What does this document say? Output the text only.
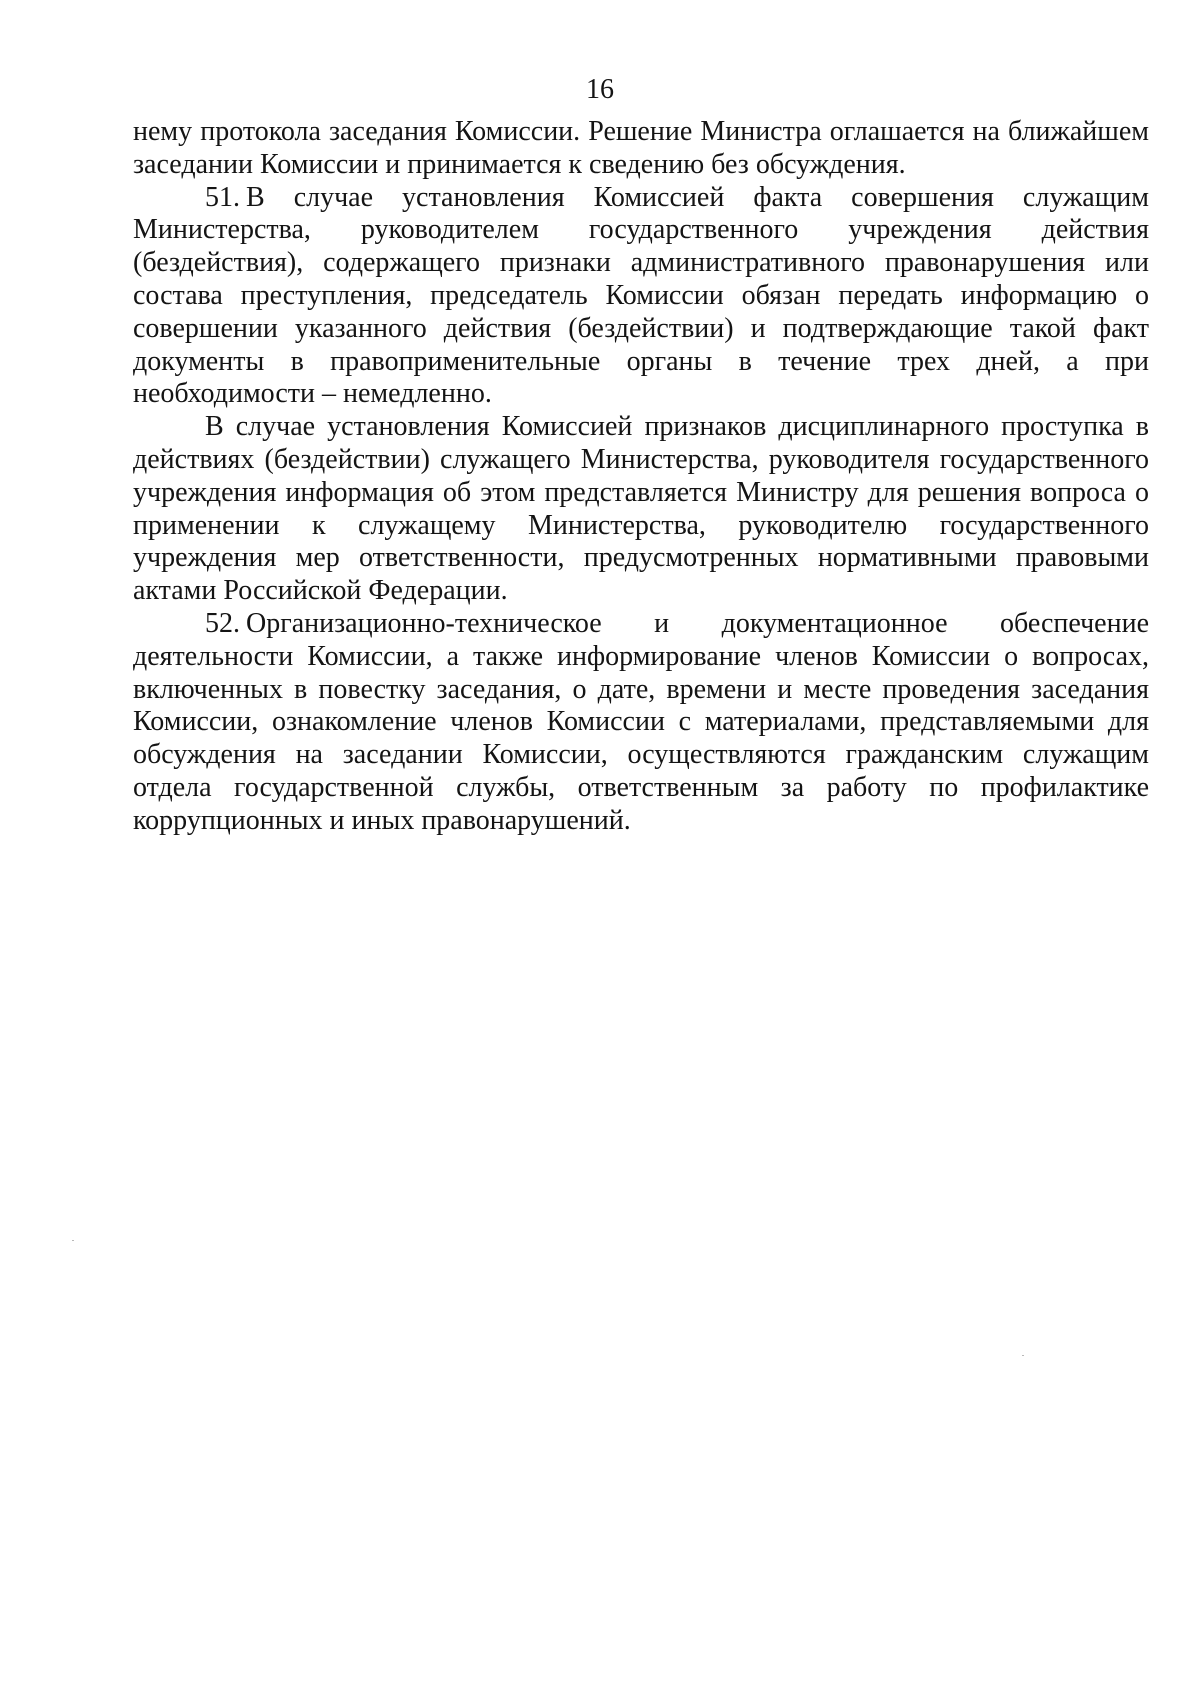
16

нему протокола заседания Комиссии. Решение Министра оглашается на ближайшем заседании Комиссии и принимается к сведению без обсуждения.

51. В случае установления Комиссией факта совершения служащим Министерства, руководителем государственного учреждения действия (бездействия), содержащего признаки административного правонарушения или состава преступления, председатель Комиссии обязан передать информацию о совершении указанного действия (бездействии) и подтверждающие такой факт документы в правоприменительные органы в течение трех дней, а при необходимости – немедленно.

В случае установления Комиссией признаков дисциплинарного проступка в действиях (бездействии) служащего Министерства, руководителя государственного учреждения информация об этом представляется Министру для решения вопроса о применении к служащему Министерства, руководителю государственного учреждения мер ответственности, предусмотренных нормативными правовыми актами Российской Федерации.

52. Организационно-техническое и документационное обеспечение деятельности Комиссии, а также информирование членов Комиссии о вопросах, включенных в повестку заседания, о дате, времени и месте проведения заседания Комиссии, ознакомление членов Комиссии с материалами, представляемыми для обсуждения на заседании Комиссии, осуществляются гражданским служащим отдела государственной службы, ответственным за работу по профилактике коррупционных и иных правонарушений.
